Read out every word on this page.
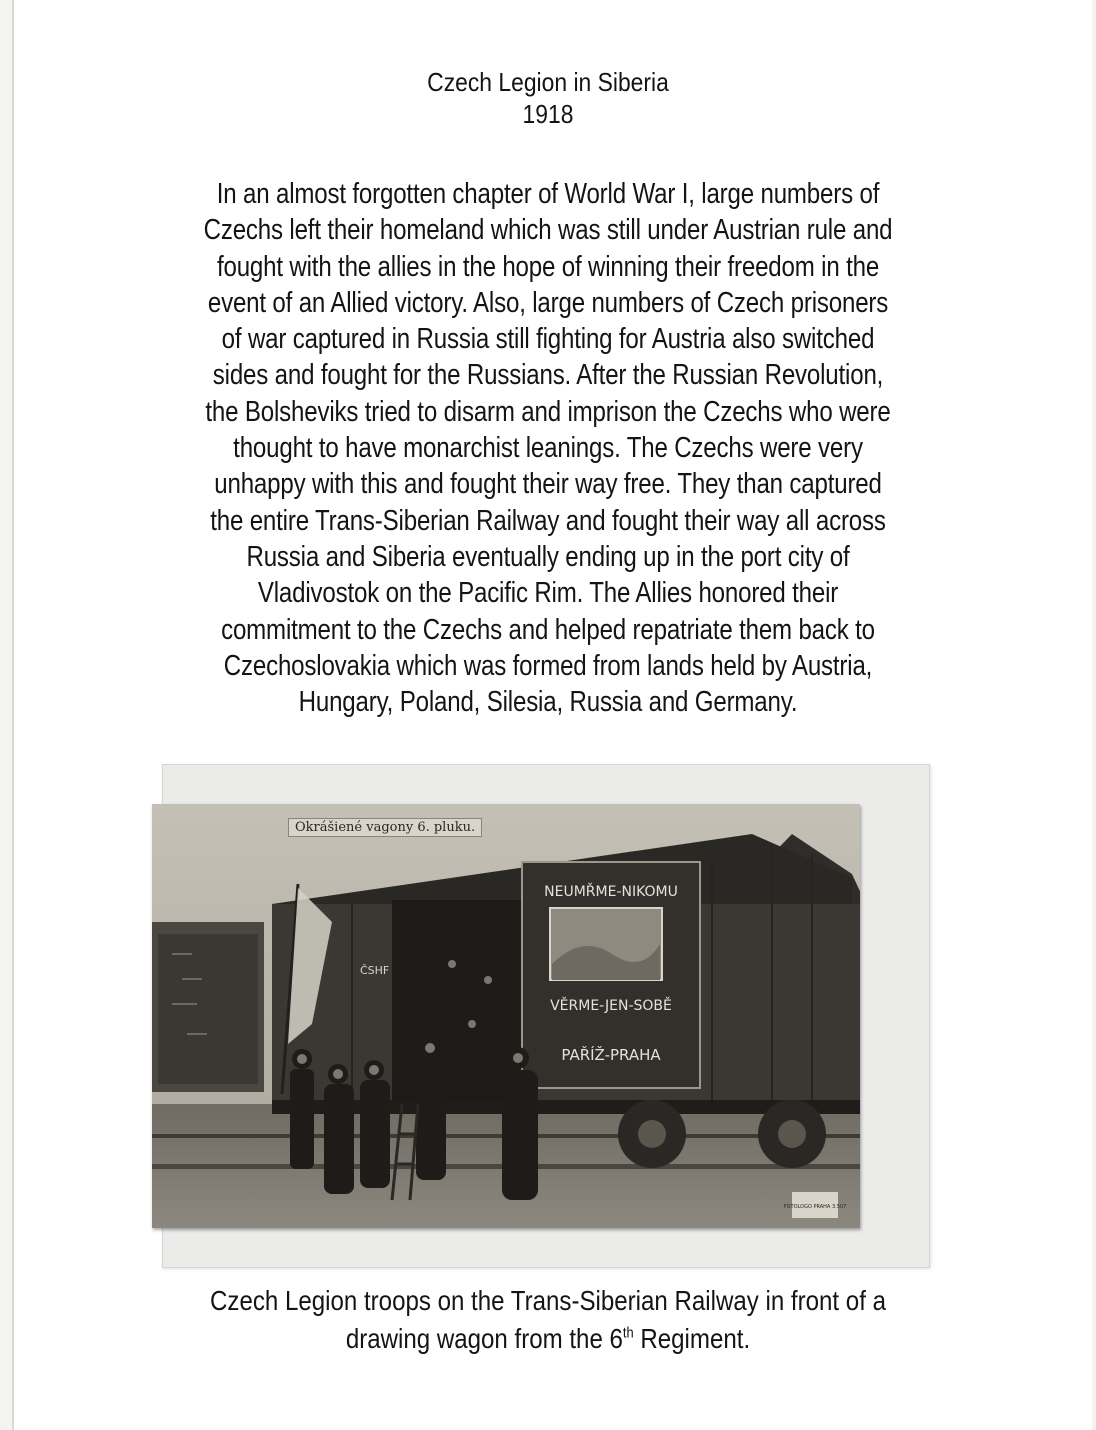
Czech Legion in Siberia
1918
In an almost forgotten chapter of World War I, large numbers of
Czechs left their homeland which was still under Austrian rule and
fought with the allies in the hope of winning their freedom in the
event of an Allied victory. Also, large numbers of Czech prisoners
of war captured in Russia still fighting for Austria also switched
sides and fought for the Russians. After the Russian Revolution,
the Bolsheviks tried to disarm and imprison the Czechs who were
thought to have monarchist leanings. The Czechs were very
unhappy with this and fought their way free. They than captured
the entire Trans-Siberian Railway and fought their way all across
Russia and Siberia eventually ending up in the port city of
Vladivostok on the Pacific Rim. The Allies honored their
commitment to the Czechs and helped repatriate them back to
Czechoslovakia which was formed from lands held by Austria,
Hungary, Poland, Silesia, Russia and Germany.
NEUMŘME-NIKOMU
VĚRME-JEN-SOBĚ
PAŘÍŽ-PRAHA
ČSHF
FOTOLOGO PRAHA 3.507
Okrášiené vagony 6. pluku.
Czech Legion troops on the Trans-Siberian Railway in front of a
drawing wagon from the 6th Regiment.
